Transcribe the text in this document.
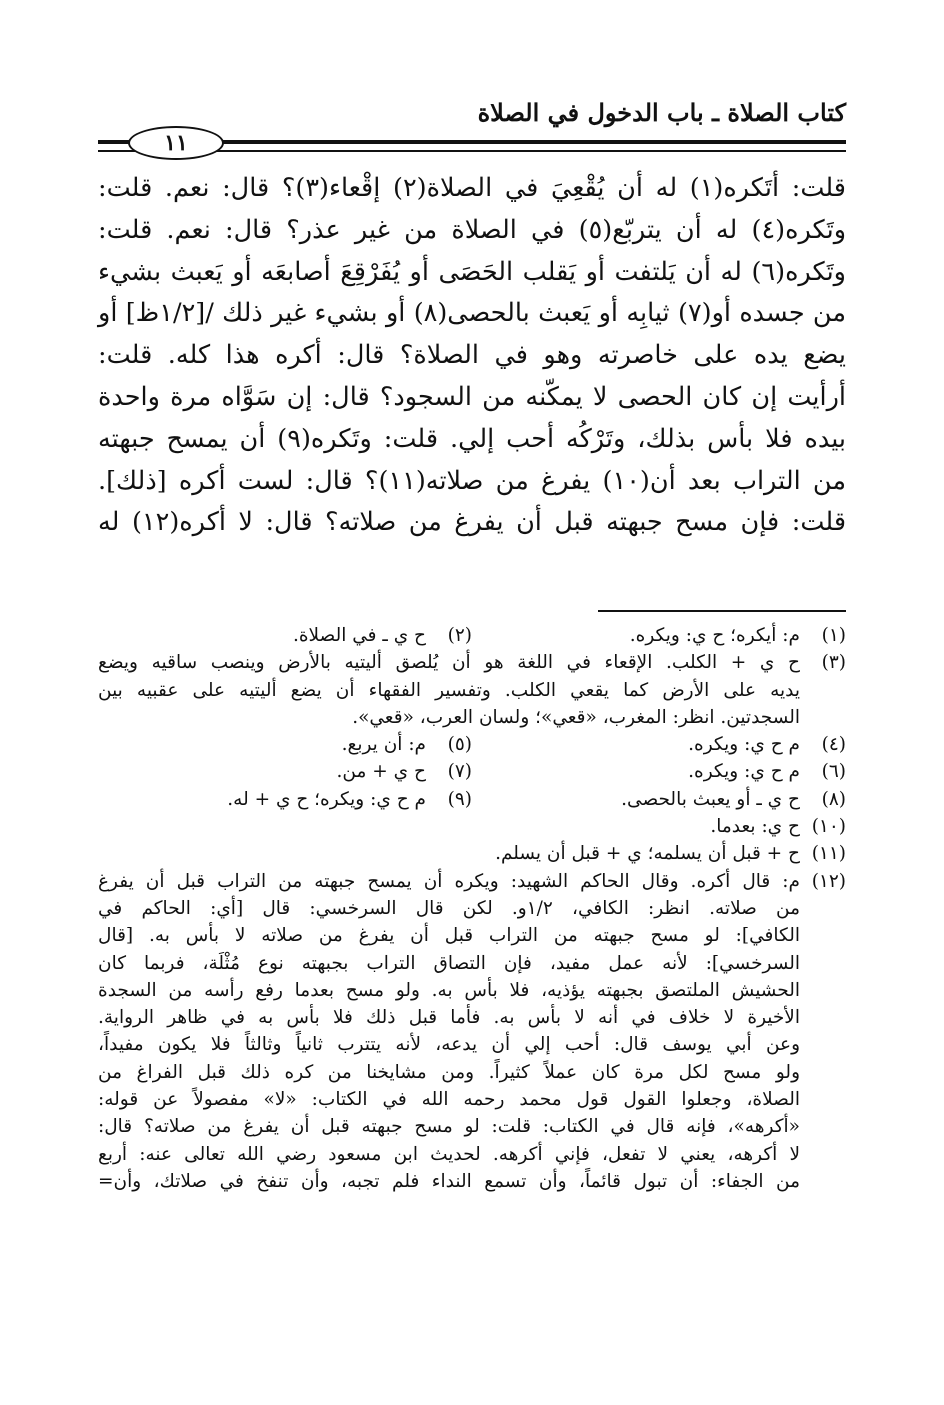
كتاب الصلاة ـ باب الدخول في الصلاة
١١
قلت: أتَكره(١) له أن يُقْعِيَ في الصلاة(٢) إقْعاء(٣)؟ قال: نعم. قلت:
وتَكره(٤) له أن يتربّع(٥) في الصلاة من غير عذر؟ قال: نعم. قلت:
وتَكره(٦) له أن يَلتفت أو يَقلب الحَصَى أو يُفَرْقِعَ أصابعَه أو يَعبث بشيء
من جسده أو(٧) ثيابِه أو يَعبث بالحصى(٨) أو بشيء غير ذلك /[١/٢ظ] أو
يضع يده على خاصرته وهو في الصلاة؟ قال: أكره هذا كله. قلت:
أرأيت إن كان الحصى لا يمكّنه من السجود؟ قال: إن سَوَّاه مرة واحدة
بيده فلا بأس بذلك، وتَرْكُه أحب إلي. قلت: وتَكره(٩) أن يمسح جبهته
من التراب بعد أن(١٠) يفرغ من صلاته(١١)؟ قال: لست أكره [ذلك].
قلت: فإن مسح جبهته قبل أن يفرغ من صلاته؟ قال: لا أكره(١٢) له
(١)
م: أيكره؛ ح ي: ويكره.
(٢)
ح ي ـ في الصلاة.
(٣)
ح ي + الكلب. الإقعاء في اللغة هو أن يُلصق أليتيه بالأرض وينصب ساقيه ويضع
يديه على الأرض كما يقعي الكلب. وتفسير الفقهاء أن يضع أليتيه على عقبيه بين
السجدتين. انظر: المغرب، «قعي»؛ ولسان العرب، «قعي».
(٤)
م ح ي: ويكره.
(٥)
م: أن يربع.
(٦)
م ح ي: ويكره.
(٧)
ح ي + من.
(٨)
ح ي ـ أو يعبث بالحصى.
(٩)
م ح ي: ويكره؛ ح ي + له.
(١٠)
ح ي: بعدما.
(١١)
ح + قبل أن يسلمه؛ ي + قبل أن يسلم.
(١٢)
م: قال أكره. وقال الحاكم الشهيد: ويكره أن يمسح جبهته من التراب قبل أن يفرغ
من صلاته. انظر: الكافي، ١/٢و. لكن قال السرخسي: قال [أي: الحاكم في
الكافي]: لو مسح جبهته من التراب قبل أن يفرغ من صلاته لا بأس به. [قال
السرخسي]: لأنه عمل مفيد، فإن التصاق التراب بجبهته نوع مُثْلَة، فربما كان
الحشيش الملتصق بجبهته يؤذيه، فلا بأس به. ولو مسح بعدما رفع رأسه من السجدة
الأخيرة لا خلاف في أنه لا بأس به. فأما قبل ذلك فلا بأس به في ظاهر الرواية.
وعن أبي يوسف قال: أحب إلي أن يدعه، لأنه يتترب ثانياً وثالثاً فلا يكون مفيداً،
ولو مسح لكل مرة كان عملاً كثيراً. ومن مشايخنا من كره ذلك قبل الفراغ من
الصلاة، وجعلوا القول قول محمد رحمه الله في الكتاب: «لا» مفصولاً عن قوله:
«أكرهه»، فإنه قال في الكتاب: قلت: لو مسح جبهته قبل أن يفرغ من صلاته؟ قال:
لا أكرهه، يعني لا تفعل، فإني أكرهه. لحديث ابن مسعود رضي الله تعالى عنه: أربع
من الجفاء: أن تبول قائماً، وأن تسمع النداء فلم تجبه، وأن تنفخ في صلاتك، وأن=
